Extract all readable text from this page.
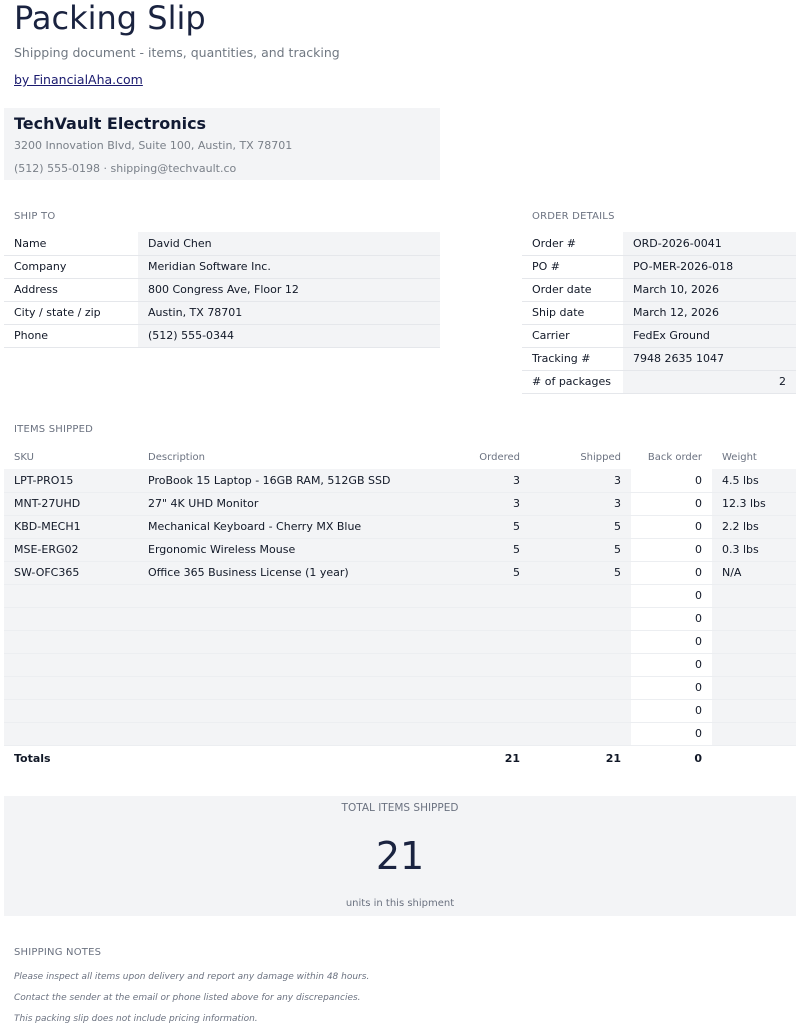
Packing Slip
Shipping document - items, quantities, and tracking
by FinancialAha.com
TechVault Electronics
3200 Innovation Blvd, Suite 100, Austin, TX 78701
(512) 555-0198 · shipping@techvault.co
SHIP TO
Name	David Chen
Company	Meridian Software Inc.
Address	800 Congress Ave, Floor 12
City / state / zip	Austin, TX 78701
Phone	(512) 555-0344
ORDER DETAILS
Order #	ORD-2026-0041
PO #	PO-MER-2026-018
Order date	March 10, 2026
Ship date	March 12, 2026
Carrier	FedEx Ground
Tracking #	7948 2635 1047
# of packages	2
ITEMS SHIPPED
SKU	Description	Ordered	Shipped	Back order	Weight
LPT-PRO15	ProBook 15 Laptop - 16GB RAM, 512GB SSD	3	3	0	4.5 lbs
MNT-27UHD	27" 4K UHD Monitor	3	3	0	12.3 lbs
KBD-MECH1	Mechanical Keyboard - Cherry MX Blue	5	5	0	2.2 lbs
MSE-ERG02	Ergonomic Wireless Mouse	5	5	0	0.3 lbs
SW-OFC365	Office 365 Business License (1 year)	5	5	0	N/A
				0	
				0	
				0	
				0	
				0	
				0	
				0	
Totals		21	21	0	
TOTAL ITEMS SHIPPED
21
units in this shipment
SHIPPING NOTES
Please inspect all items upon delivery and report any damage within 48 hours.
Contact the sender at the email or phone listed above for any discrepancies.
This packing slip does not include pricing information.
